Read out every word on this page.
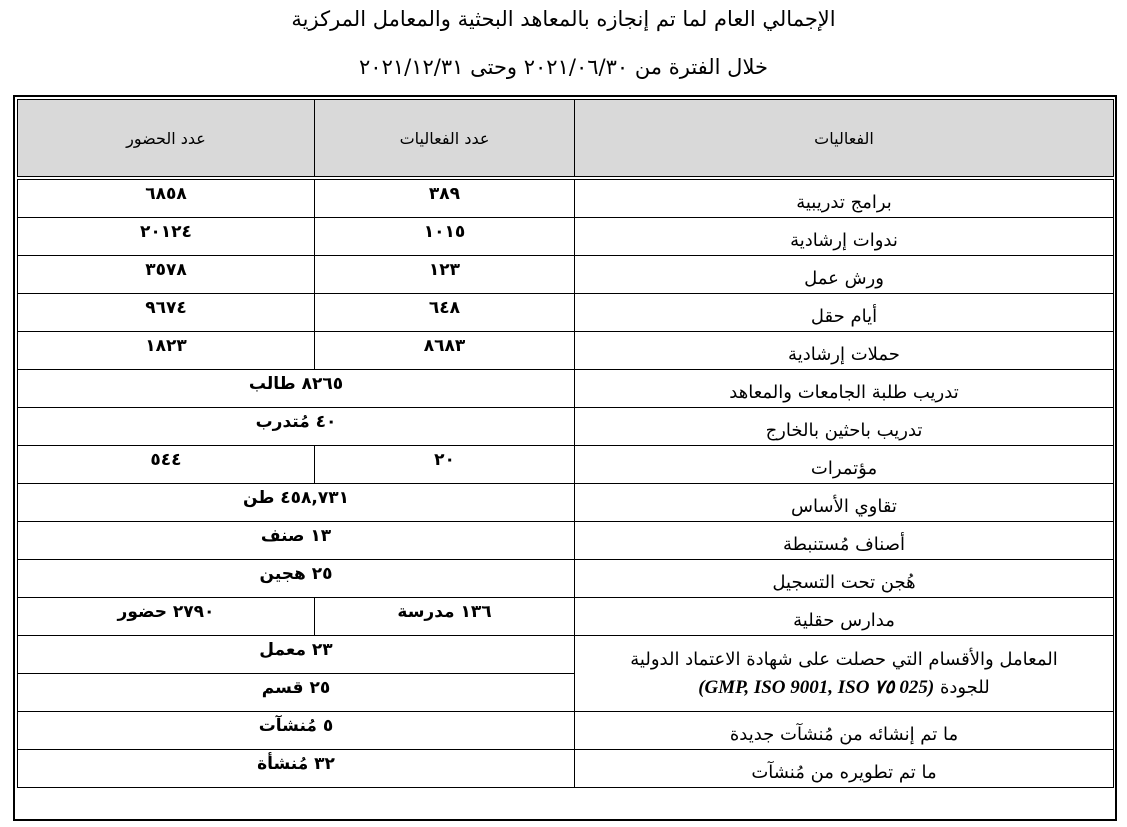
الإجمالي العام لما تم إنجازه بالمعاهد البحثية والمعامل المركزية
خلال الفترة من ٢٠٢١/٠٦/٣٠ وحتى ٢٠٢١/١٢/٣١
الفعاليات	عدد الفعاليات	عدد الحضور
برامج تدريبية	٣٨٩	٦٨٥٨
ندوات إرشادية	١٠١٥	٢٠١٢٤
ورش عمل	١٢٣	٣٥٧٨
أيام حقل	٦٤٨	٩٦٧٤
حملات إرشادية	٨٦٨٣	١٨٢٣
تدريب طلبة الجامعات والمعاهد	٨٢٦٥ طالب	
تدريب باحثين بالخارج	٤٠ مُتدرب	
مؤتمرات	٢٠	٥٤٤
تقاوي الأساس	٤٥٨,٧٣١ طن	
أصناف مُستنبطة	١٣ صنف	
هُجن تحت التسجيل	٢٥ هجين	
مدارس حقلية	١٣٦ مدرسة	٢٧٩٠ حضور
المعامل والأقسام التي حصلت على شهادة الاعتماد الدولية
للجودة (GMP, ISO 9001, ISO ٧٥ 025)	٢٣ معمل	
	٢٥ قسم	
ما تم إنشائه من مُنشآت جديدة	٥ مُنشآت	
ما تم تطويره من مُنشآت	٣٢ مُنشأة	
